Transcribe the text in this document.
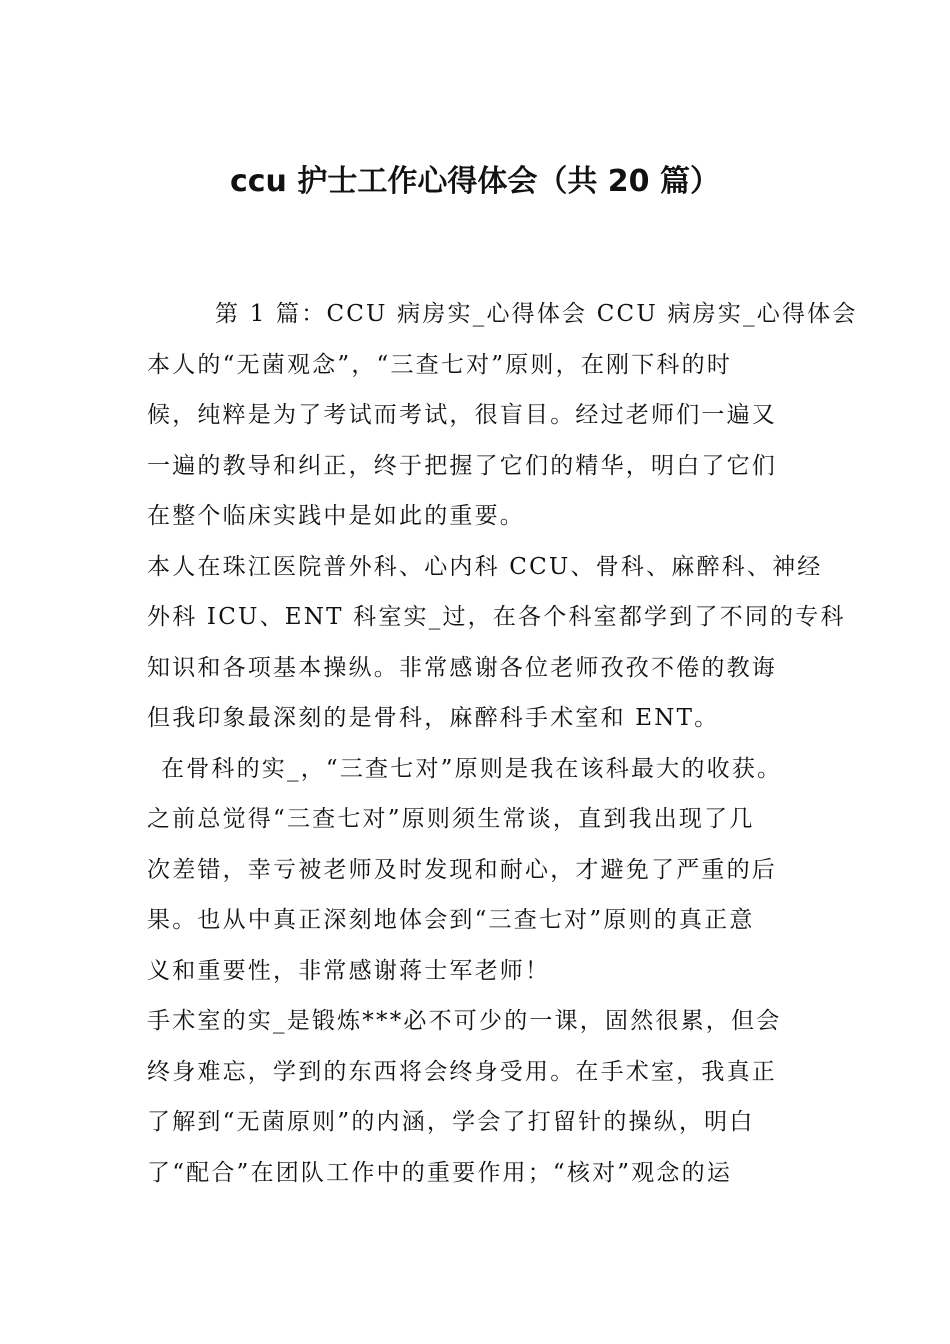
ccu 护士工作心得体会（共 20 篇）
第 1 篇：CCU 病房实_心得体会 CCU 病房实_心得体会
本人的“无菌观念”，“三查七对”原则，在刚下科的时
候，纯粹是为了考试而考试，很盲目。经过老师们一遍又
一遍的教导和纠正，终于把握了它们的精华，明白了它们
在整个临床实践中是如此的重要。
本人在珠江医院普外科、心内科 CCU、骨科、麻醉科、神经
外科 ICU、ENT 科室实_过，在各个科室都学到了不同的专科
知识和各项基本操纵。非常感谢各位老师孜孜不倦的教诲
但我印象最深刻的是骨科，麻醉科手术室和 ENT。
在骨科的实_，“三查七对”原则是我在该科最大的收获。
之前总觉得“三查七对”原则须生常谈，直到我出现了几
次差错，幸亏被老师及时发现和耐心，才避免了严重的后
果。也从中真正深刻地体会到“三查七对”原则的真正意
义和重要性，非常感谢蒋士军老师！
手术室的实_是锻炼***必不可少的一课，固然很累，但会
终身难忘，学到的东西将会终身受用。在手术室，我真正
了解到“无菌原则”的内涵，学会了打留针的操纵，明白
了“配合”在团队工作中的重要作用；“核对”观念的运
